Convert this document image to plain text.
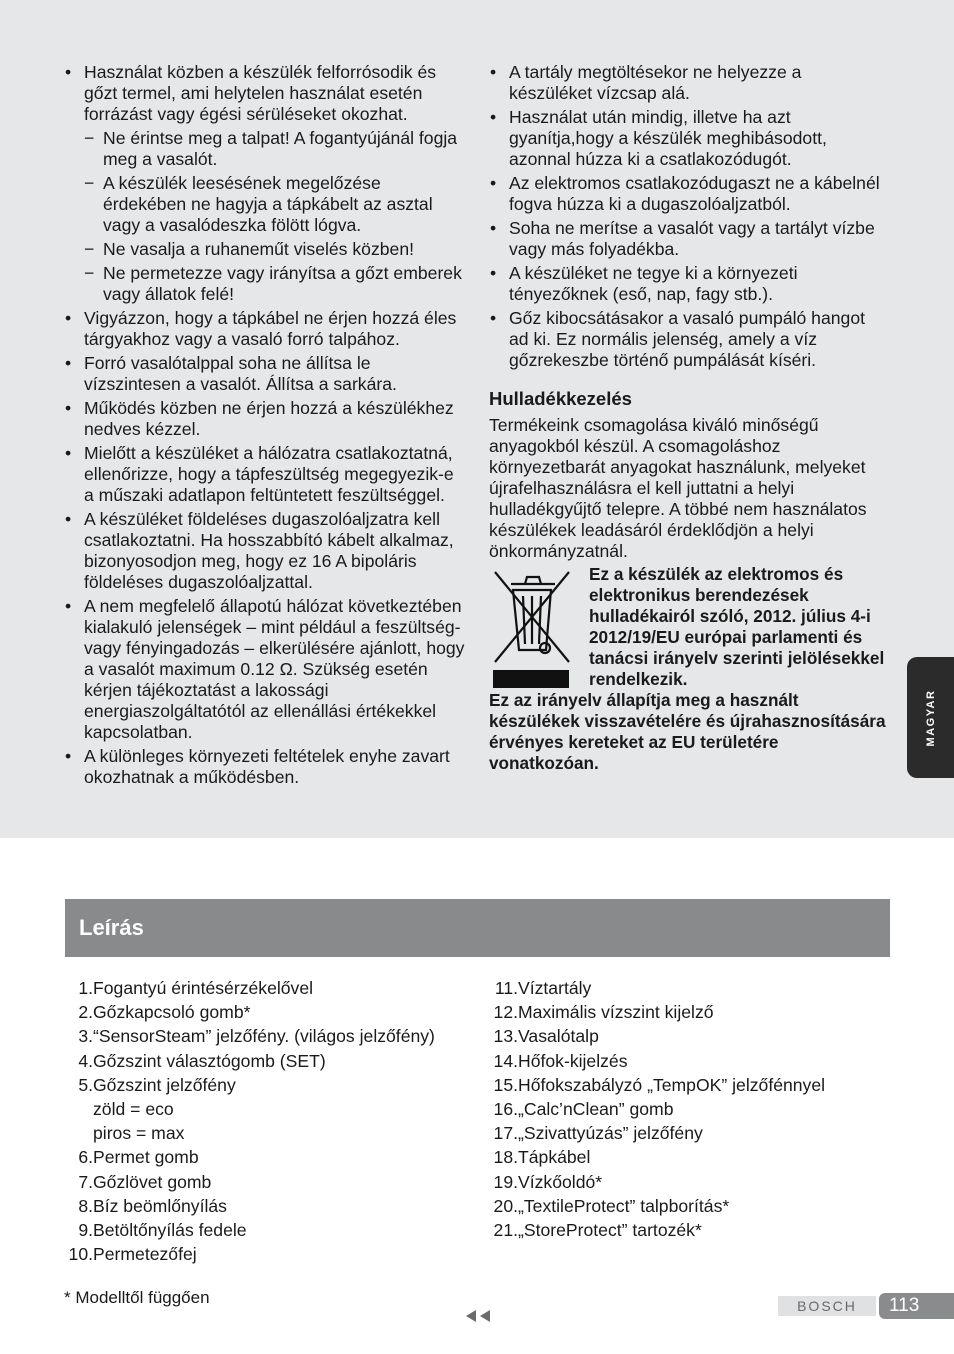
• Használat közben a készülék felforrósodik és gőzt termel, ami helytelen használat esetén forrázást vagy égési sérüléseket okozhat.
− Ne érintse meg a talpat! A fogantyújánál fogja meg a vasalót.
− A készülék leesésének megelőzése érdekében ne hagyja a tápkábelt az asztal vagy a vasalódeszka fölött lógva.
− Ne vasalja a ruhaneműt viselés közben!
− Ne permetezze vagy irányítsa a gőzt emberek vagy állatok felé!
• Vigyázzon, hogy a tápkábel ne érjen hozzá éles tárgyakhoz vagy a vasaló forró talpához.
• Forró vasalótalppal soha ne állítsa le vízszintesen a vasalót. Állítsa a sarkára.
• Működés közben ne érjen hozzá a készülékhez nedves kézzel.
• Mielőtt a készüléket a hálózatra csatlakoztatná, ellenőrizze, hogy a tápfeszültség megegyezik-e a műszaki adatlapon feltüntetett feszültséggel.
• A készüléket földeléses dugaszolóaljzatra kell csatlakoztatni. Ha hosszabbító kábelt alkalmaz, bizonyosodjon meg, hogy ez 16 A bipoláris földeléses dugaszolóaljzattal.
• A nem megfelelő állapotú hálózat következtében kialakuló jelenségek – mint például a feszültség- vagy fényingadozás – elkerülésére ajánlott, hogy a vasalót maximum 0.12 Ω. Szükség esetén kérjen tájékoztatást a lakossági energiaszolgáltatótól az ellenállási értékekkel kapcsolatban.
• A különleges környezeti feltételek enyhe zavart okozhatnak a működésben.
• A tartály megtöltésekor ne helyezze a készüléket vízcsap alá.
• Használat után mindig, illetve ha azt gyanítja,hogy a készülék meghibásodott, azonnal húzza ki a csatlakozódugót.
• Az elektromos csatlakozódugaszt ne a kábelnél fogva húzza ki a dugaszolóaljzatból.
• Soha ne merítse a vasalót vagy a tartályt vízbe vagy más folyadékba.
• A készüléket ne tegye ki a környezeti tényezőknek (eső, nap, fagy stb.).
• Gőz kibocsátásakor a vasaló pumpáló hangot ad ki. Ez normális jelenség, amely a víz gőzrekeszbe történő pumpálását kíséri.
Hulladékkezelés

Termékeink csomagolása kiváló minőségű anyagokból készül. A csomagoláshoz környezetbarát anyagokat használunk, melyeket újrafelhasználásra el kell juttatni a helyi hulladékgyűjtő telepre. A többé nem használatos készülékek leadásáról érdeklődjön a helyi önkormányzatnál.

Ez a készülék az elektromos és elektronikus berendezések hulladékairól szóló, 2012. július 4-i 2012/19/EU európai parlamenti és tanácsi irányelv szerinti jelölésekkel rendelkezik.

Ez az irányelv állapítja meg a használt készülékek visszavételére és újrahasznosítására érvényes kereteket az EU területére vonatkozóan.

MAGYAR
Leírás
1. Fogantyú érintésérzékelővel
2. Gőzkapcsoló gomb*
3. “SensorSteam” jelzőfény. (világos jelzőfény)
4. Gőzszint választógomb (SET)
5. Gőzszint jelzőfény
zöld = eco
piros = max
6. Permet gomb
7. Gőzlövet gomb
8. Bíz beömlőnyílás
9. Betöltőnyílás fedele
10. Permetezőfej
11. Víztartály
12. Maximális vízszint kijelző
13. Vasalótalp
14. Hőfok-kijelzés
15. Hőfokszabályzó „TempOK” jelzőfénnyel
16. „Calc’nClean” gomb
17. „Szivattyúzás” jelzőfény
18. Tápkábel
19. Vízkőoldó*
20. „TextileProtect” talpborítás*
21. „StoreProtect” tartozék*
* Modelltől függően	BOSCH	113
